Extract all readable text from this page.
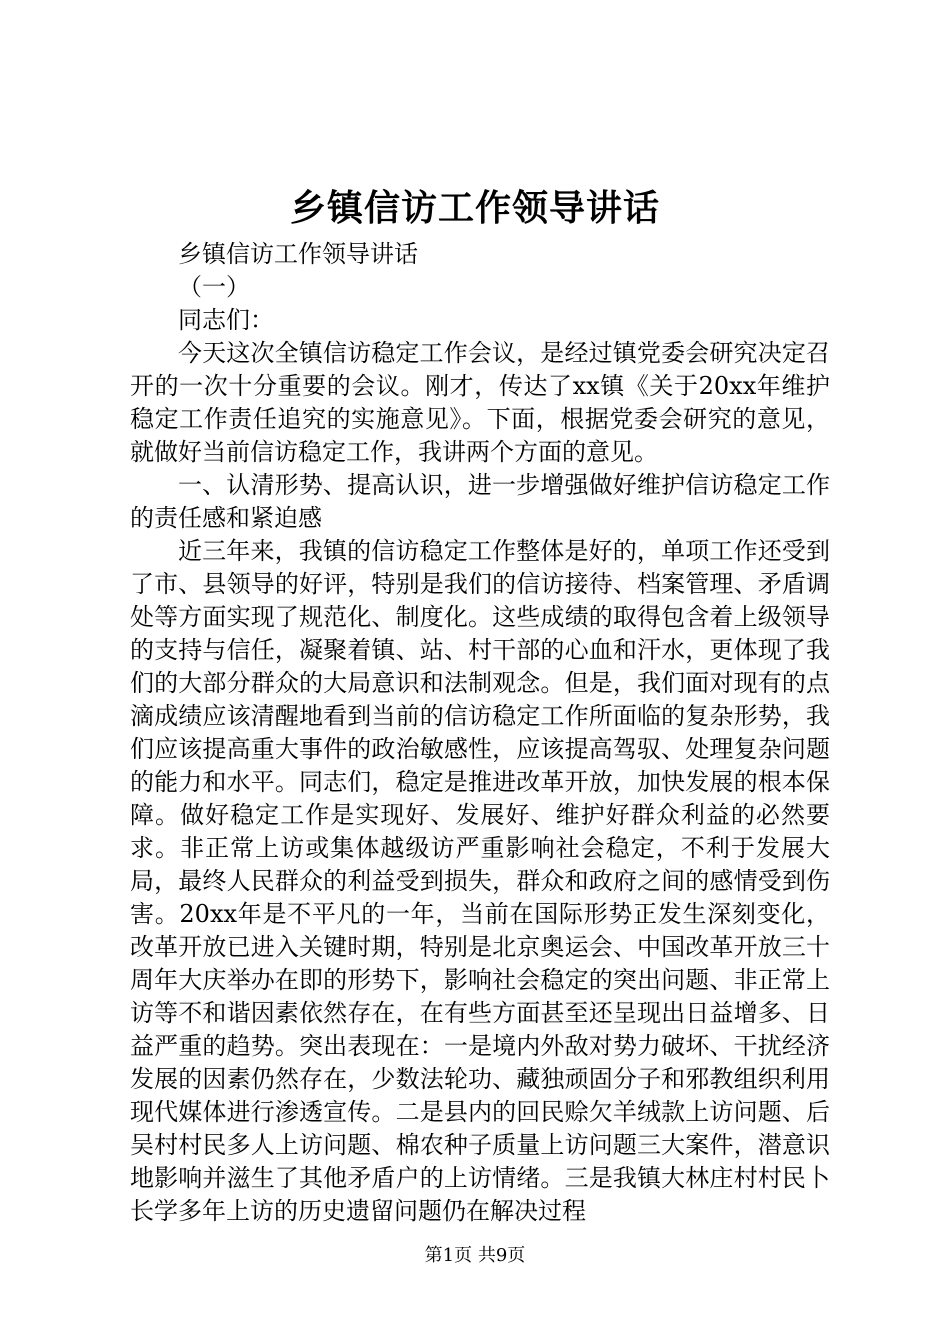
乡镇信访工作领导讲话

乡镇信访工作领导讲话

（一）

同志们：

今天这次全镇信访稳定工作会议，是经过镇党委会研究决定召开的一次十分重要的会议。刚才，传达了xx镇《关于20xx年维护稳定工作责任追究的实施意见》。下面，根据党委会研究的意见，就做好当前信访稳定工作，我讲两个方面的意见。

一、认清形势、提高认识，进一步增强做好维护信访稳定工作的责任感和紧迫感

近三年来，我镇的信访稳定工作整体是好的，单项工作还受到了市、县领导的好评，特别是我们的信访接待、档案管理、矛盾调处等方面实现了规范化、制度化。这些成绩的取得包含着上级领导的支持与信任，凝聚着镇、站、村干部的心血和汗水，更体现了我们的大部分群众的大局意识和法制观念。但是，我们面对现有的点滴成绩应该清醒地看到当前的信访稳定工作所面临的复杂形势，我们应该提高重大事件的政治敏感性，应该提高驾驭、处理复杂问题的能力和水平。同志们，稳定是推进改革开放，加快发展的根本保障。做好稳定工作是实现好、发展好、维护好群众利益的必然要求。非正常上访或集体越级访严重影响社会稳定，不利于发展大局，最终人民群众的利益受到损失，群众和政府之间的感情受到伤害。20xx年是不平凡的一年，当前在国际形势正发生深刻变化，改革开放已进入关键时期，特别是北京奥运会、中国改革开放三十周年大庆举办在即的形势下，影响社会稳定的突出问题、非正常上访等不和谐因素依然存在，在有些方面甚至还呈现出日益增多、日益严重的趋势。突出表现在：一是境内外敌对势力破坏、干扰经济发展的因素仍然存在，少数法轮功、藏独顽固分子和邪教组织利用现代媒体进行渗透宣传。二是县内的回民赊欠羊绒款上访问题、后吴村村民多人上访问题、棉农种子质量上访问题三大案件，潜意识地影响并滋生了其他矛盾户的上访情绪。三是我镇大林庄村村民卜长学多年上访的历史遗留问题仍在解决过程

第1页 共9页
